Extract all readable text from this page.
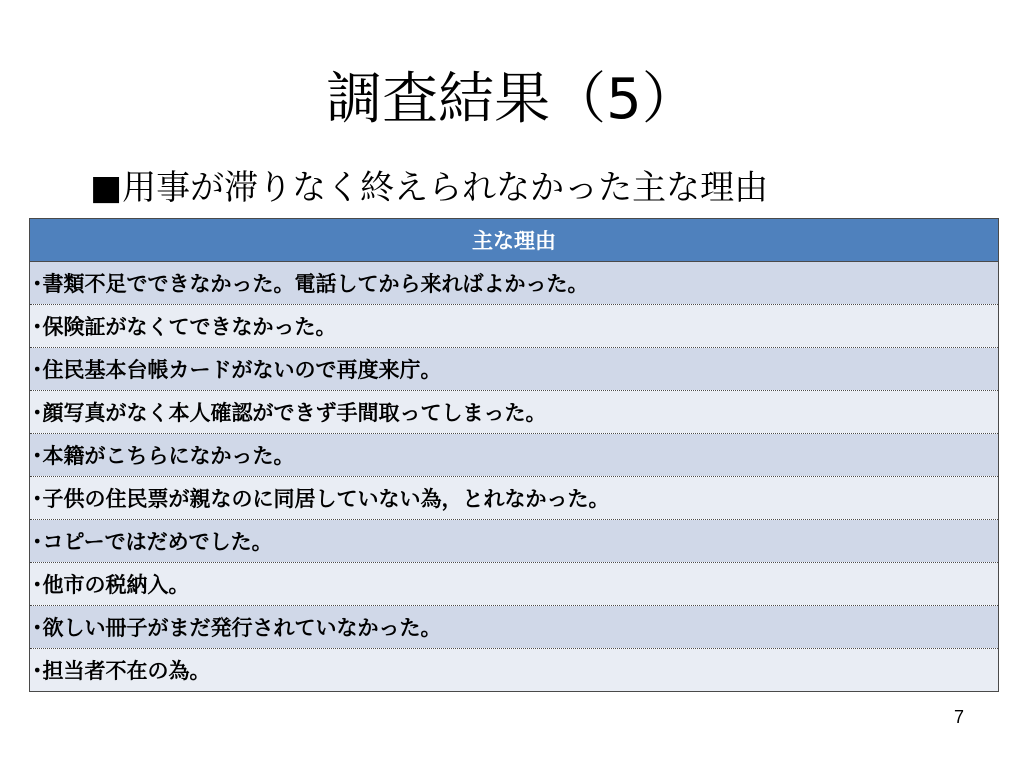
調査結果（5）

■用事が滞りなく終えられなかった主な理由

主な理由
･書類不足でできなかった。電話してから来ればよかった。
･保険証がなくてできなかった。
･住民基本台帳カードがないので再度来庁。
･顔写真がなく本人確認ができず手間取ってしまった。
･本籍がこちらになかった。
･子供の住民票が親なのに同居していない為，とれなかった。
･コピーではだめでした。
･他市の税納入。
･欲しい冊子がまだ発行されていなかった。
･担当者不在の為。
7
